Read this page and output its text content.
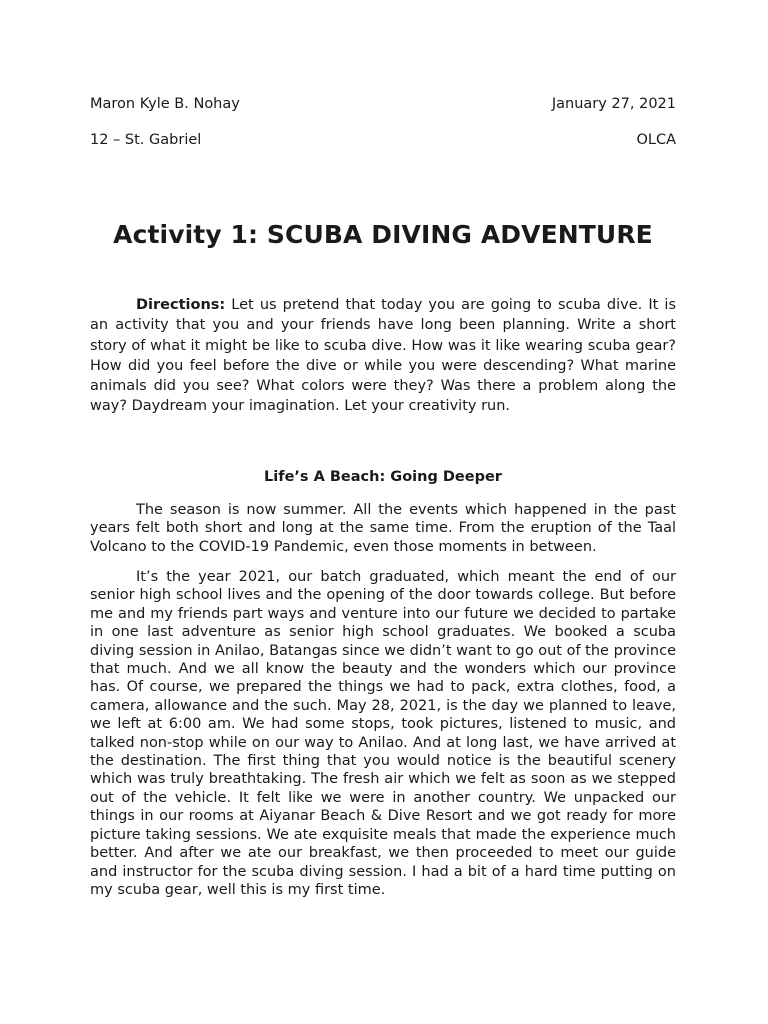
Maron Kyle B. Nohay	January 27, 2021
12 – St. Gabriel	OLCA
Activity 1: SCUBA DIVING ADVENTURE
Directions: Let us pretend that today you are going to scuba dive. It is an activity that you and your friends have long been planning. Write a short story of what it might be like to scuba dive. How was it like wearing scuba gear? How did you feel before the dive or while you were descending? What marine animals did you see? What colors were they? Was there a problem along the way? Daydream your imagination. Let your creativity run.
Life’s A Beach: Going Deeper

The season is now summer. All the events which happened in the past years felt both short and long at the same time. From the eruption of the Taal Volcano to the COVID-19 Pandemic, even those moments in between.

It’s the year 2021, our batch graduated, which meant the end of our senior high school lives and the opening of the door towards college. But before me and my friends part ways and venture into our future we decided to partake in one last adventure as senior high school graduates. We booked a scuba diving session in Anilao, Batangas since we didn’t want to go out of the province that much. And we all know the beauty and the wonders which our province has. Of course, we prepared the things we had to pack, extra clothes, food, a camera, allowance and the such. May 28, 2021, is the day we planned to leave, we left at 6:00 am. We had some stops, took pictures, listened to music, and talked non-stop while on our way to Anilao. And at long last, we have arrived at the destination. The first thing that you would notice is the beautiful scenery which was truly breathtaking. The fresh air which we felt as soon as we stepped out of the vehicle. It felt like we were in another country. We unpacked our things in our rooms at Aiyanar Beach & Dive Resort and we got ready for more picture taking sessions. We ate exquisite meals that made the experience much better. And after we ate our breakfast, we then proceeded to meet our guide and instructor for the scuba diving session. I had a bit of a hard time putting on my scuba gear, well this is my first time.
